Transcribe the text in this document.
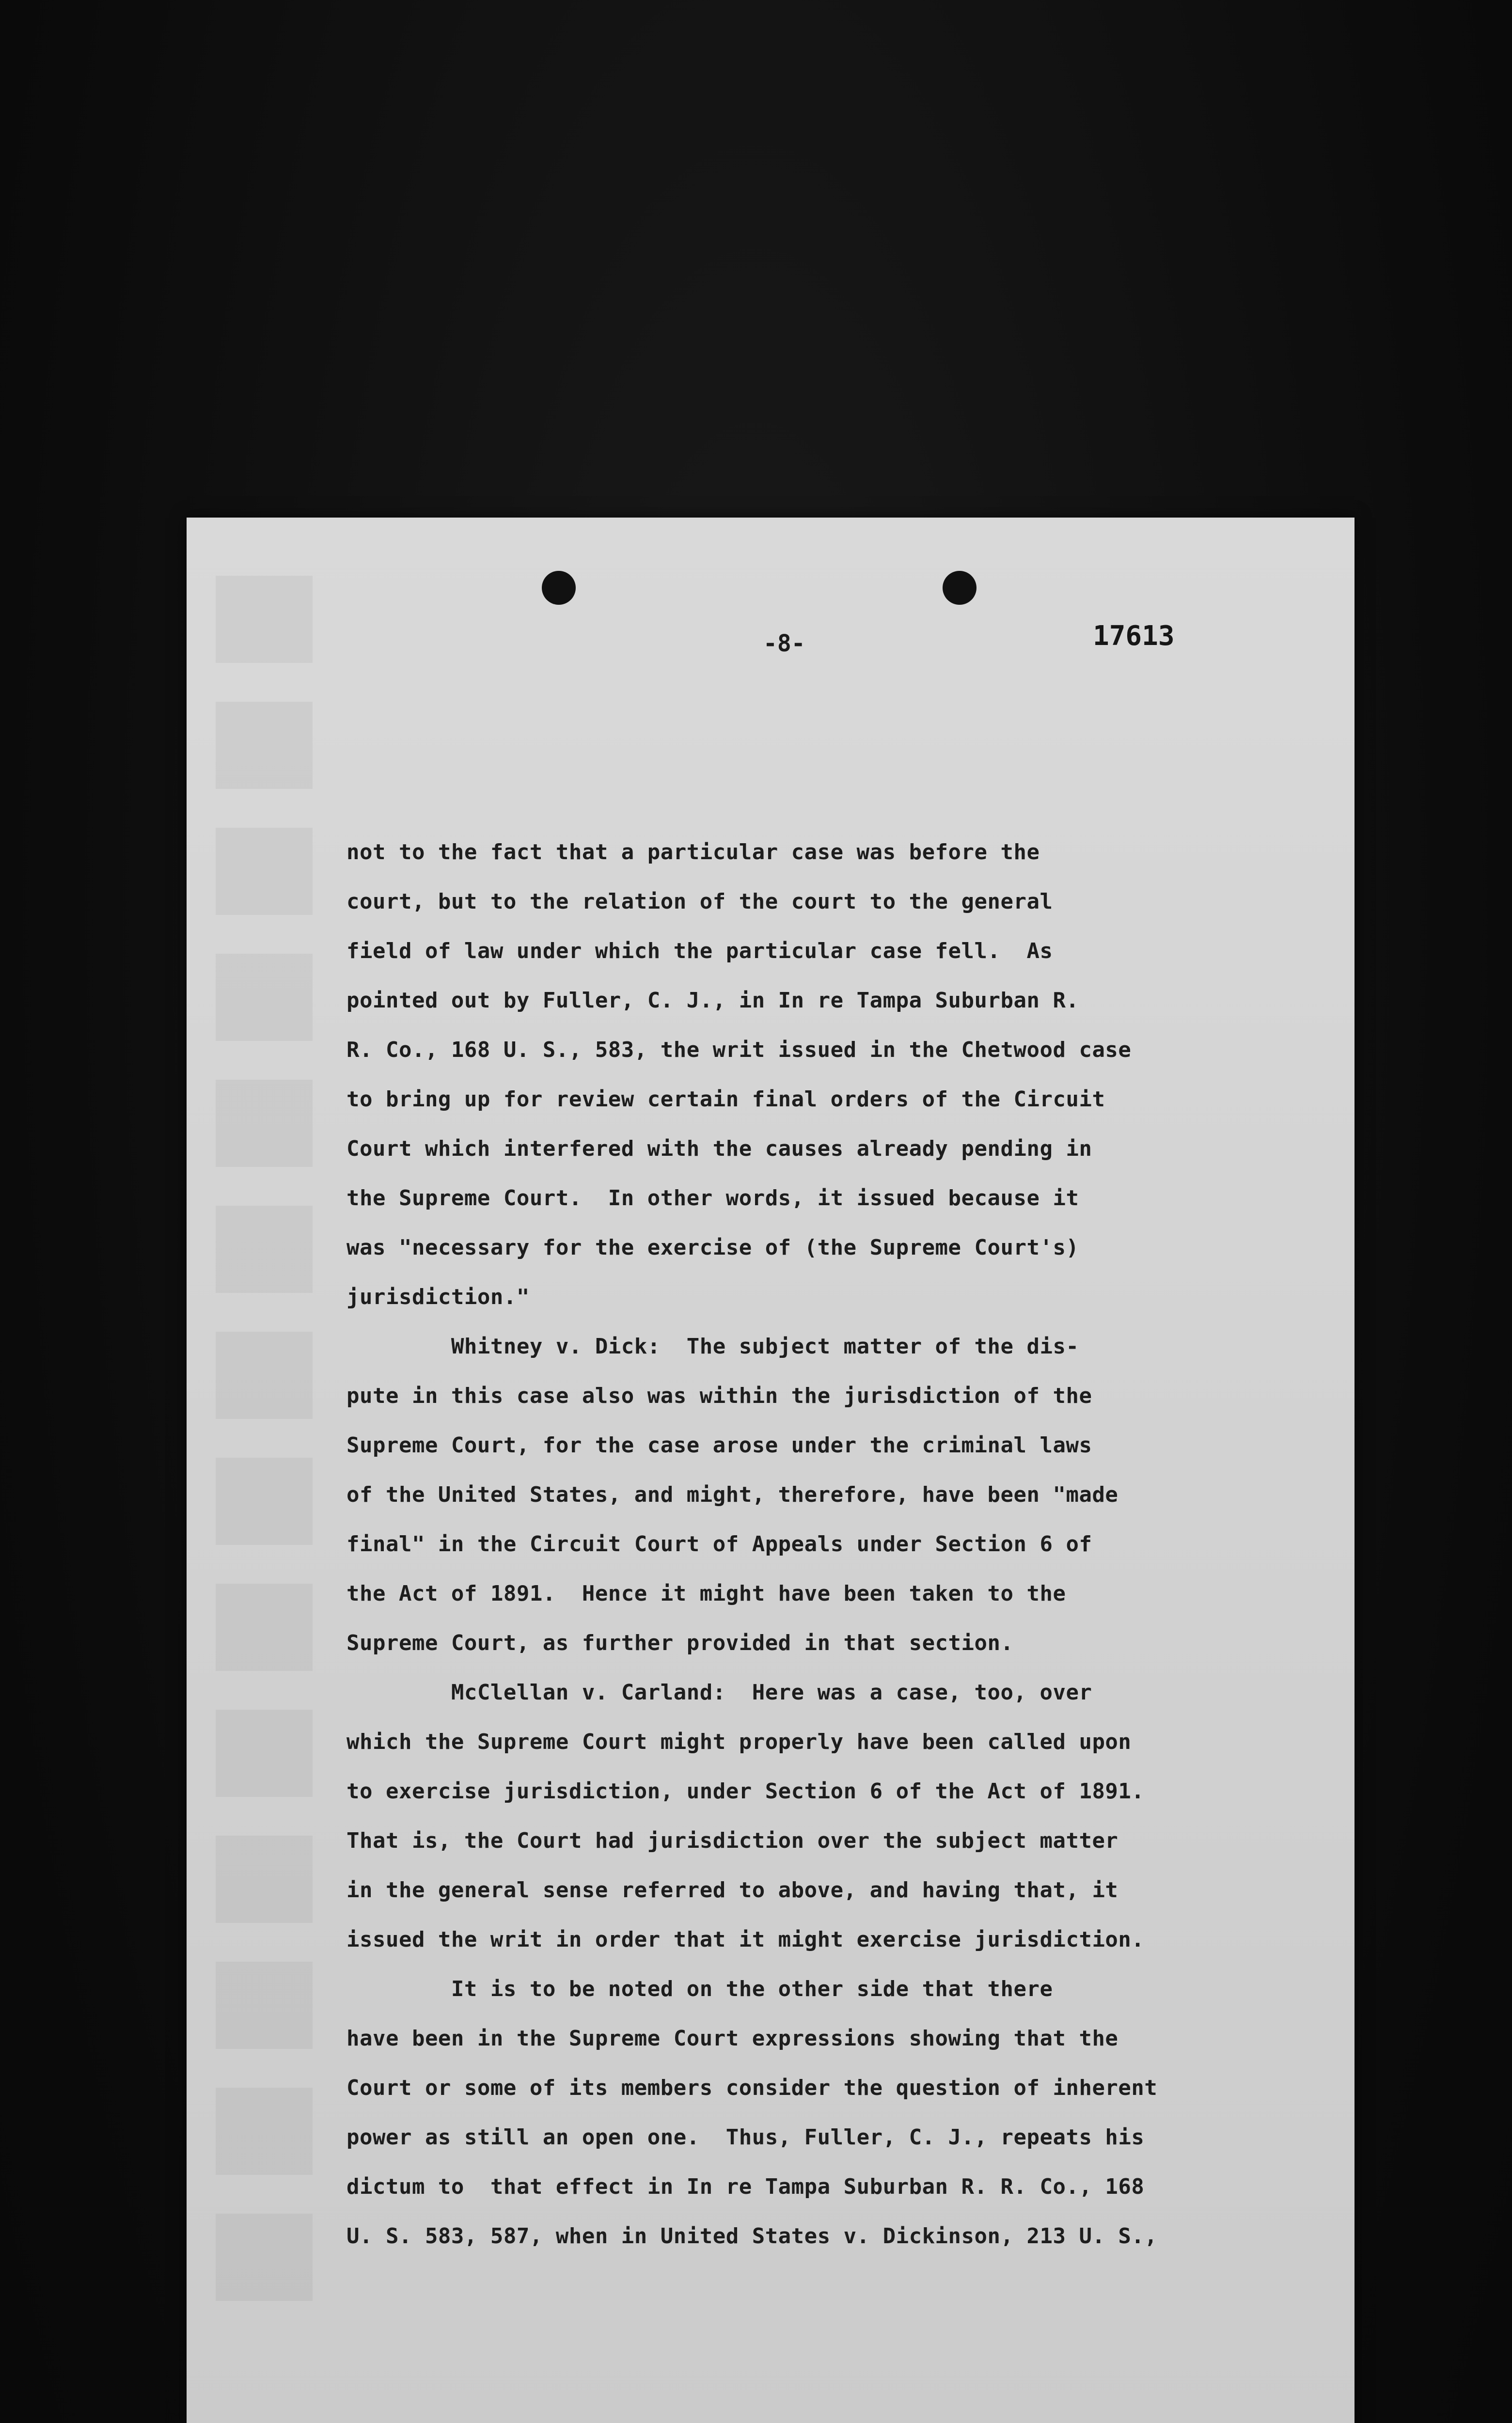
-8-	17613
not to the fact that a particular case was before the
court, but to the relation of the court to the general
field of law under which the particular case fell.  As
pointed out by Fuller, C. J., in In re Tampa Suburban R.
R. Co., 168 U. S., 583, the writ issued in the Chetwood case
to bring up for review certain final orders of the Circuit
Court which interfered with the causes already pending in
the Supreme Court.  In other words, it issued because it
was "necessary for the exercise of (the Supreme Court's)
jurisdiction."
Whitney v. Dick:  The subject matter of the dis-
pute in this case also was within the jurisdiction of the
Supreme Court, for the case arose under the criminal laws
of the United States, and might, therefore, have been "made
final" in the Circuit Court of Appeals under Section 6 of
the Act of 1891.  Hence it might have been taken to the
Supreme Court, as further provided in that section.
McClellan v. Carland:  Here was a case, too, over
which the Supreme Court might properly have been called upon
to exercise jurisdiction, under Section 6 of the Act of 1891.
That is, the Court had jurisdiction over the subject matter
in the general sense referred to above, and having that, it
issued the writ in order that it might exercise jurisdiction.
It is to be noted on the other side that there
have been in the Supreme Court expressions showing that the
Court or some of its members consider the question of inherent
power as still an open one.  Thus, Fuller, C. J., repeats his
dictum to  that effect in In re Tampa Suburban R. R. Co., 168
U. S. 583, 587, when in United States v. Dickinson, 213 U. S.,
